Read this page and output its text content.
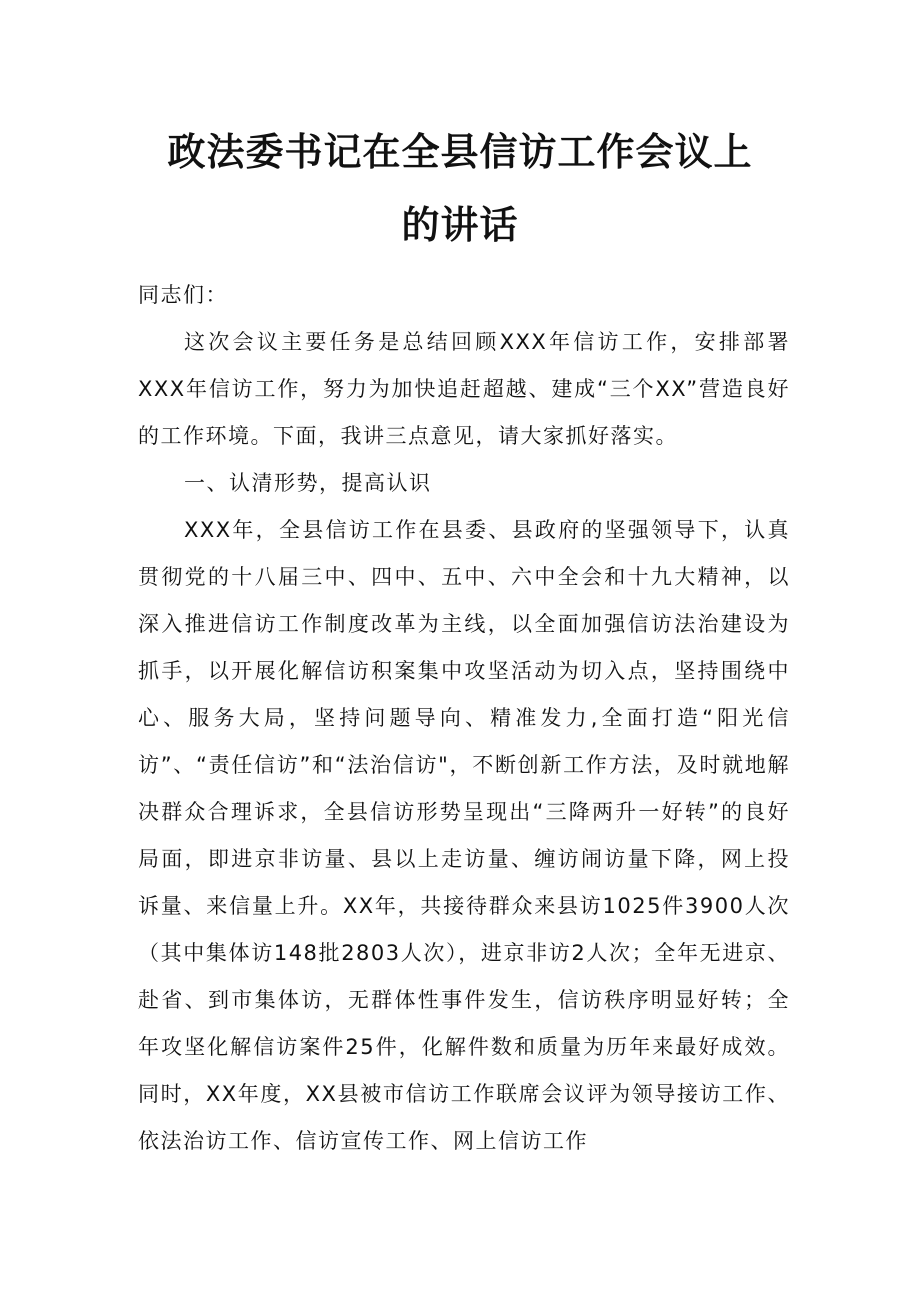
政法委书记在全县信访工作会议上
的讲话

同志们：

这次会议主要任务是总结回顾XXX年信访工作，安排部署XXX年信访工作，努力为加快追赶超越、建成“三个XX”营造良好的工作环境。下面，我讲三点意见，请大家抓好落实。

一、认清形势，提高认识

XXX年，全县信访工作在县委、县政府的坚强领导下，认真贯彻党的十八届三中、四中、五中、六中全会和十九大精神，以深入推进信访工作制度改革为主线，以全面加强信访法治建设为抓手，以开展化解信访积案集中攻坚活动为切入点，坚持围绕中心、服务大局，坚持问题导向、精准发力,全面打造“阳光信访”、“责任信访”和“法治信访"，不断创新工作方法，及时就地解决群众合理诉求，全县信访形势呈现出“三降两升一好转”的良好局面，即进京非访量、县以上走访量、缠访闹访量下降，网上投诉量、来信量上升。XX年，共接待群众来县访1025件3900人次（其中集体访148批2803人次），进京非访2人次；全年无进京、赴省、到市集体访，无群体性事件发生，信访秩序明显好转；全年攻坚化解信访案件25件，化解件数和质量为历年来最好成效。同时，XX年度，XX县被市信访工作联席会议评为领导接访工作、依法治访工作、信访宣传工作、网上信访工作
